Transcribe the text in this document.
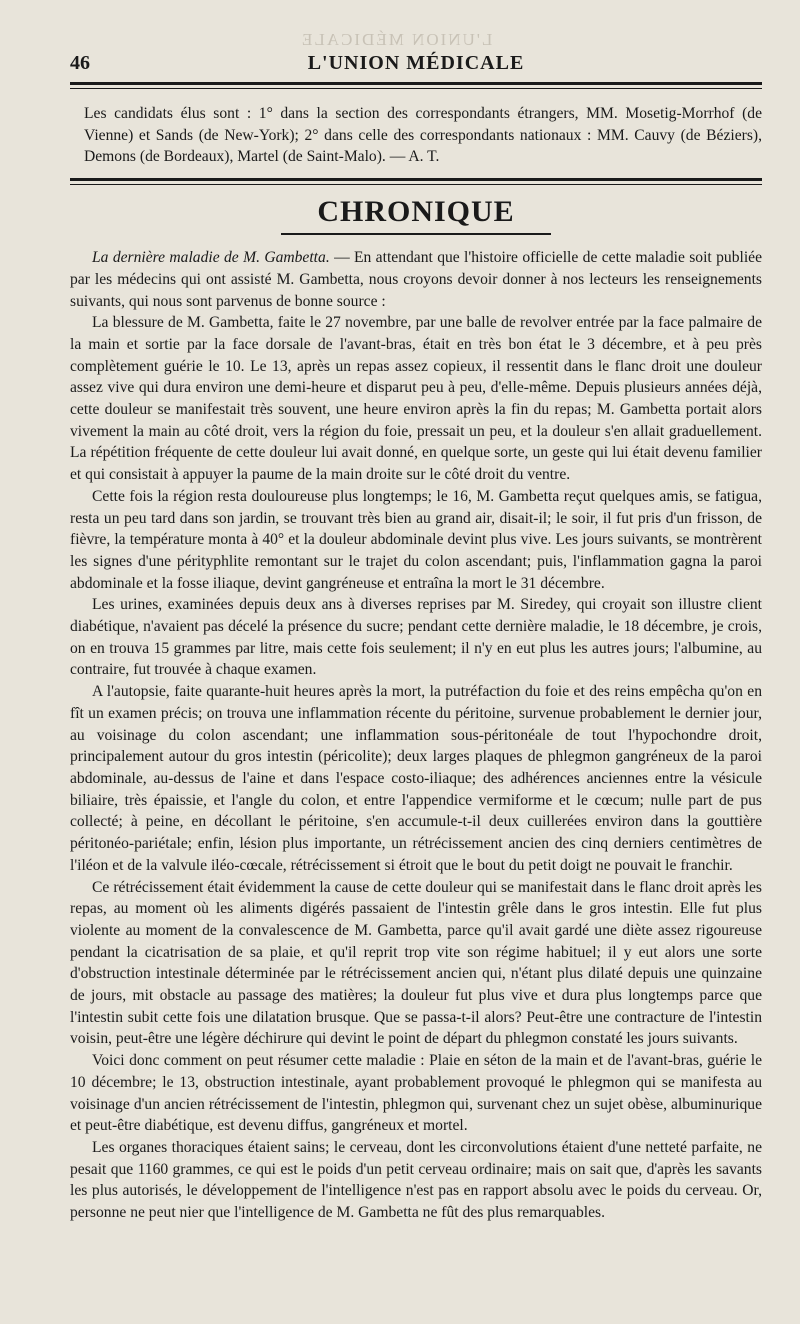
L'UNION MÉDICALE
46	L'UNION MÉDICALE
Les candidats élus sont : 1° dans la section des correspondants étrangers, MM. Mosetig-Morrhof (de Vienne) et Sands (de New-York); 2° dans celle des correspondants nationaux : MM. Cauvy (de Béziers), Demons (de Bordeaux), Martel (de Saint-Malo). — A. T.
CHRONIQUE

La dernière maladie de M. Gambetta. — En attendant que l'histoire officielle de cette maladie soit publiée par les médecins qui ont assisté M. Gambetta, nous croyons devoir donner à nos lecteurs les renseignements suivants, qui nous sont parvenus de bonne source :

La blessure de M. Gambetta, faite le 27 novembre, par une balle de revolver entrée par la face palmaire de la main et sortie par la face dorsale de l'avant-bras, était en très bon état le 3 décembre, et à peu près complètement guérie le 10. Le 13, après un repas assez copieux, il ressentit dans le flanc droit une douleur assez vive qui dura environ une demi-heure et disparut peu à peu, d'elle-même. Depuis plusieurs années déjà, cette douleur se manifestait très souvent, une heure environ après la fin du repas; M. Gambetta portait alors vivement la main au côté droit, vers la région du foie, pressait un peu, et la douleur s'en allait graduellement. La répétition fréquente de cette douleur lui avait donné, en quelque sorte, un geste qui lui était devenu familier et qui consistait à appuyer la paume de la main droite sur le côté droit du ventre.

Cette fois la région resta douloureuse plus longtemps; le 16, M. Gambetta reçut quelques amis, se fatigua, resta un peu tard dans son jardin, se trouvant très bien au grand air, disait-il; le soir, il fut pris d'un frisson, de fièvre, la température monta à 40° et la douleur abdominale devint plus vive. Les jours suivants, se montrèrent les signes d'une pérityphlite remontant sur le trajet du colon ascendant; puis, l'inflammation gagna la paroi abdominale et la fosse iliaque, devint gangréneuse et entraîna la mort le 31 décembre.

Les urines, examinées depuis deux ans à diverses reprises par M. Siredey, qui croyait son illustre client diabétique, n'avaient pas décelé la présence du sucre; pendant cette dernière maladie, le 18 décembre, je crois, on en trouva 15 grammes par litre, mais cette fois seulement; il n'y en eut plus les autres jours; l'albumine, au contraire, fut trouvée à chaque examen.

A l'autopsie, faite quarante-huit heures après la mort, la putréfaction du foie et des reins empêcha qu'on en fît un examen précis; on trouva une inflammation récente du péritoine, survenue probablement le dernier jour, au voisinage du colon ascendant; une inflammation sous-péritonéale de tout l'hypochondre droit, principalement autour du gros intestin (péricolite); deux larges plaques de phlegmon gangréneux de la paroi abdominale, au-dessus de l'aine et dans l'espace costo-iliaque; des adhérences anciennes entre la vésicule biliaire, très épaissie, et l'angle du colon, et entre l'appendice vermiforme et le cœcum; nulle part de pus collecté; à peine, en décollant le péritoine, s'en accumule-t-il deux cuillerées environ dans la gouttière péritonéo-pariétale; enfin, lésion plus importante, un rétrécissement ancien des cinq derniers centimètres de l'iléon et de la valvule iléo-cœcale, rétrécissement si étroit que le bout du petit doigt ne pouvait le franchir.

Ce rétrécissement était évidemment la cause de cette douleur qui se manifestait dans le flanc droit après les repas, au moment où les aliments digérés passaient de l'intestin grêle dans le gros intestin. Elle fut plus violente au moment de la convalescence de M. Gambetta, parce qu'il avait gardé une diète assez rigoureuse pendant la cicatrisation de sa plaie, et qu'il reprit trop vite son régime habituel; il y eut alors une sorte d'obstruction intestinale déterminée par le rétrécissement ancien qui, n'étant plus dilaté depuis une quinzaine de jours, mit obstacle au passage des matières; la douleur fut plus vive et dura plus longtemps parce que l'intestin subit cette fois une dilatation brusque. Que se passa-t-il alors? Peut-être une contracture de l'intestin voisin, peut-être une légère déchirure qui devint le point de départ du phlegmon constaté les jours suivants.

Voici donc comment on peut résumer cette maladie : Plaie en séton de la main et de l'avant-bras, guérie le 10 décembre; le 13, obstruction intestinale, ayant probablement provoqué le phlegmon qui se manifesta au voisinage d'un ancien rétrécissement de l'intestin, phlegmon qui, survenant chez un sujet obèse, albuminurique et peut-être diabétique, est devenu diffus, gangréneux et mortel.

Les organes thoraciques étaient sains; le cerveau, dont les circonvolutions étaient d'une netteté parfaite, ne pesait que 1160 grammes, ce qui est le poids d'un petit cerveau ordinaire; mais on sait que, d'après les savants les plus autorisés, le développement de l'intelligence n'est pas en rapport absolu avec le poids du cerveau. Or, personne ne peut nier que l'intelligence de M. Gambetta ne fût des plus remarquables.
